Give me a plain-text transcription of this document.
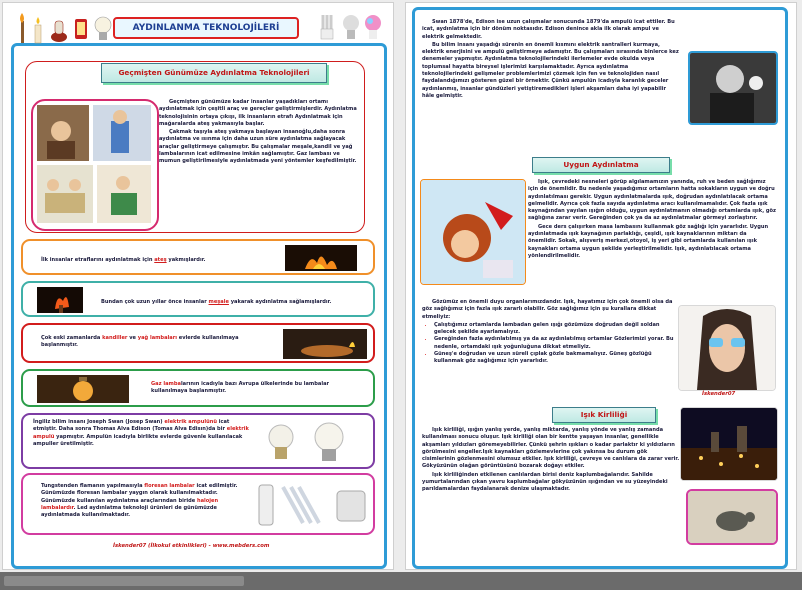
AYDINLANMA TEKNOLOJİLERİ
Geçmişten Günümüze Aydınlatma Teknolojileri

Geçmişten günümüze kadar insanlar yaşadıkları ortamı aydınlatmak için çeşitli araç ve gereçler geliştirmişlerdir. Aydınlatma teknolojisinin ortaya çıkışı, ilk insanların etrafı Aydınlatmak için mağaralarda ateş yakmasıyla başlar.

Çakmak taşıyla ateş yakmaya başlayan insanoğlu,daha sonra aydınlatma ve ısınma için daha uzun süre aydınlatma sağlayacak araçlar geliştirmeye çalışmıştır. Bu çalışmalar meşale,kandil ve yağ lambalarının icat edilmesine imkân sağlamıştır. Gaz lambası ve mumun geliştirilmesiyle aydınlatmada yeni yöntemler keşfedilmiştir.

İlk insanlar etraflarını aydınlatmak için ateş yakmışlardır.
Bundan çok uzun yıllar önce insanlar meşale yakarak aydınlatma sağlamışlardır.
Çok eski zamanlarda kandiller ve yağ lambaları evlerde kullanılmaya başlanmıştır.
Gaz lambalarının icadıyla bazı Avrupa ülkelerinde bu lambalar kullanılmaya başlanmıştır.
İngiliz bilim insanı Joseph Swan (Josep Swan) elektrik ampulünü icat etmiştir. Daha sonra Thomas Alva Edison (Tomas Alva Edisın)da bir elektrik ampulü yapmıştır. Ampulün icadıyla birlikte evlerde güvenle kullanılacak ampuller üretilmiştir.
Tungstenden flamanın yapılmasıyla floresan lambalar icat edilmiştir. Günümüzde floresan lambalar yaygın olarak kullanılmaktadır. Günümüzde kullanılan aydınlatma araçlarından biride halojen lambalardır. Led aydınlatma teknoloji ürünleri de günümüzde aydınlatmada kullanılmaktadır.
İskender07 (İlkokul etkinlikleri) - www.mebders.com

Swan 1878'de, Edison ise uzun çalışmalar sonucunda 1879'da ampulü icat ettiler. Bu icat, aydınlatma için bir dönüm noktasıdır. Edison denince akla ilk olarak ampul ve elektrik gelmektedir.

Bu bilim insanı yaşadığı sürenin en önemli kısmını elektrik santralleri kurmaya, elektrik enerjisini ve ampulü geliştirmeye adamıştır. Bu çalışmaları sırasında binlerce kez denemeler yapmıştır. Aydınlatma teknolojilerindeki ilerlemeler evde okulda veya toplumsal hayatta bireysel işlerimizi karşılamaktadır. Ayrıca aydınlatma teknolojilerindeki gelişmeler problemlerimizi çözmek için fen ve teknolojiden nasıl faydalandığımızı gösteren güzel bir örnektir. Çünkü ampulün icadıyla karanlık geceler aydınlanmış, insanlar gündüzleri yetiştiremedikleri işleri akşamları daha iyi yapabilir hâle gelmiştir.

Uygun Aydınlatma

Işık, çevredeki nesneleri görüp algılamamızın yanında, ruh ve beden sağlığımız için de önemlidir. Bu nedenle yaşadığımız ortamların hatta sokakların uygun ve doğru aydınlatılması gerekir. Uygun aydınlatmalarda ışık, doğrudan aydınlatılacak ortama gelmelidir. Ayrıca çok fazla sayıda aydınlatma aracı kullanılmamalıdır. Çok fazla ışık kaynağından yayılan ışığın olduğu, uygun aydınlatmanın olmadığı ortamlarda ışık, göz sağlığına zarar verir. Gereğinden çok ya da az aydınlatmalar görmeyi zorlaştırır.

Gece ders çalışırken masa lambasını kullanmak göz sağlığı için yararlıdır. Uygun aydınlatmada ışık kaynağının parlaklığı, çeşidi, ışık kaynaklarının miktarı da önemlidir. Sokak, alışveriş merkezi,otoyol, iş yeri gibi ortamlarda kullanılan ışık kaynakları ortama uygun şekilde yerleştirilmelidir. Işık, aydınlatılacak ortama yönlendirilmelidir.

Gözümüz en önemli duyu organlarımızdandır. Işık, hayatımız için çok önemli olsa da göz sağlığımız için fazla ışık zararlı olabilir. Göz sağlığımız için şu kurallara dikkat etmeliyiz:

• Çalıştığımız ortamlarda lambadan gelen ışığı gözümüze doğrudan değil soldan gelecek şekilde ayarlamalıyız.
• Gereğinden fazla aydınlatılmış ya da az aydınlatılmış ortamlar Gözlerimizi yorar. Bu nedenle, ortamdaki ışık yoğunluğuna dikkat etmeliyiz.
• Güneş'e doğrudan ve uzun süreli çıplak gözle bakmamalıyız. Güneş gözlüğü kullanmak göz sağlığımız için yararlıdır.
İskender07
Işık Kirliliği

Işık kirliliği, ışığın yanlış yerde, yanlış miktarda, yanlış yönde ve yanlış zamanda kullanılması sonucu oluşur. Işık kirliliği olan bir kentte yaşayan insanlar, genellikle akşamları yıldızları göremeyebilirler. Çünkü şehrin ışıkları o kadar parlaktır ki yıldızların görülmesini engeller.Işık kaynakları gözlemevlerine çok yakınsa bu durum gök cisimlerinin gözlenmesini olumsuz etkiler. Işık kirliliği, çevreye ve canlılara da zarar verir. Gökyüzünün olağan görüntüsünü bozarak doğayı etkiler.

Işık kirliliğinden etkilenen canlılardan birisi deniz kaplumbağalarıdır. Sahilde yumurtalarından çıkan yavru kaplumbağalar gökyüzünün ışığından ve su yüzeyindeki parıldamalardan faydalanarak denize ulaşmaktadır.
